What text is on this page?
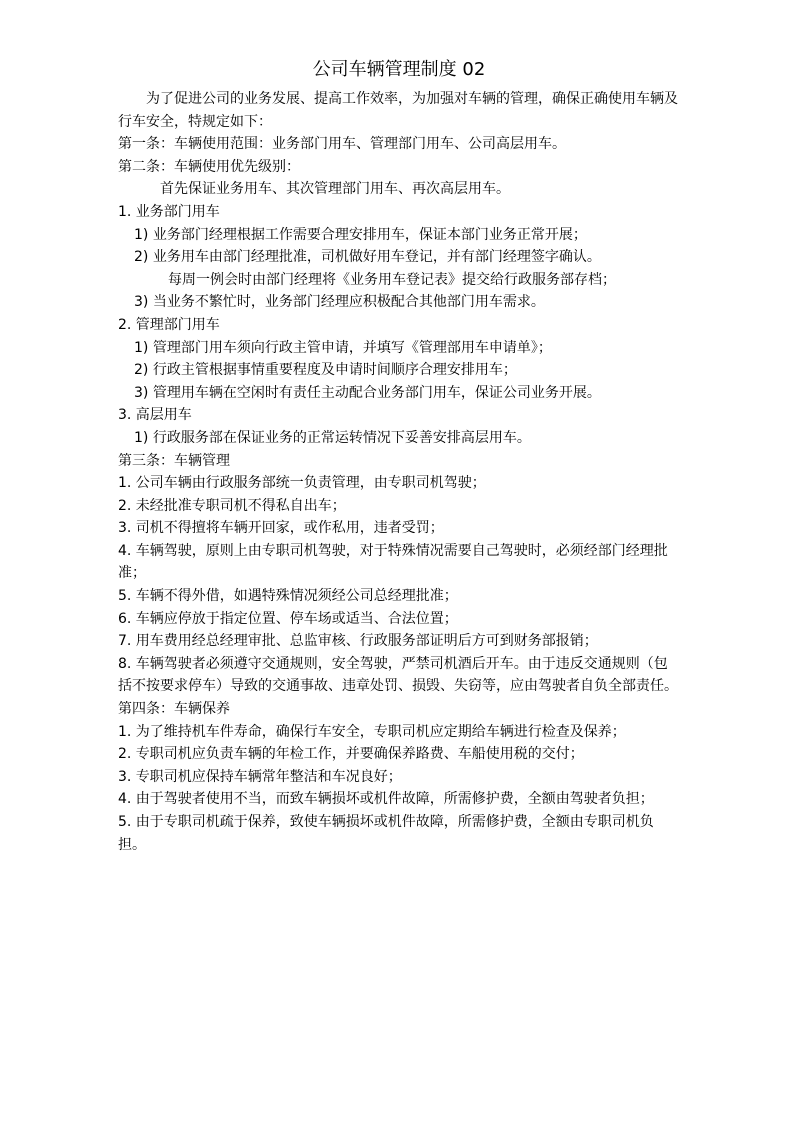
公司车辆管理制度 02

为了促进公司的业务发展、提高工作效率，为加强对车辆的管理，确保正确使用车辆及行车安全，特规定如下：

第一条：车辆使用范围：业务部门用车、管理部门用车、公司高层用车。

第二条：车辆使用优先级别：

首先保证业务用车、其次管理部门用车、再次高层用车。

1. 业务部门用车

1) 业务部门经理根据工作需要合理安排用车，保证本部门业务正常开展；

2) 业务用车由部门经理批准，司机做好用车登记，并有部门经理签字确认。

每周一例会时由部门经理将《业务用车登记表》提交给行政服务部存档；

3) 当业务不繁忙时，业务部门经理应积极配合其他部门用车需求。

2. 管理部门用车

1) 管理部门用车须向行政主管申请，并填写《管理部用车申请单》；

2) 行政主管根据事情重要程度及申请时间顺序合理安排用车；

3) 管理用车辆在空闲时有责任主动配合业务部门用车，保证公司业务开展。

3. 高层用车

1) 行政服务部在保证业务的正常运转情况下妥善安排高层用车。

第三条：车辆管理

1. 公司车辆由行政服务部统一负责管理，由专职司机驾驶；

2. 未经批准专职司机不得私自出车；

3. 司机不得擅将车辆开回家，或作私用，违者受罚；

4. 车辆驾驶，原则上由专职司机驾驶，对于特殊情况需要自己驾驶时，必须经部门经理批准；

5. 车辆不得外借，如遇特殊情况须经公司总经理批准；

6. 车辆应停放于指定位置、停车场或适当、合法位置；

7. 用车费用经总经理审批、总监审核、行政服务部证明后方可到财务部报销；

8. 车辆驾驶者必须遵守交通规则，安全驾驶，严禁司机酒后开车。由于违反交通规则（包括不按要求停车）导致的交通事故、违章处罚、损毁、失窃等，应由驾驶者自负全部责任。

第四条：车辆保养

1. 为了维持机车件寿命，确保行车安全，专职司机应定期给车辆进行检查及保养；

2. 专职司机应负责车辆的年检工作，并要确保养路费、车船使用税的交付；

3. 专职司机应保持车辆常年整洁和车况良好；

4. 由于驾驶者使用不当，而致车辆损坏或机件故障，所需修护费，全额由驾驶者负担；

5. 由于专职司机疏于保养，致使车辆损坏或机件故障，所需修护费，全额由专职司机负担。
